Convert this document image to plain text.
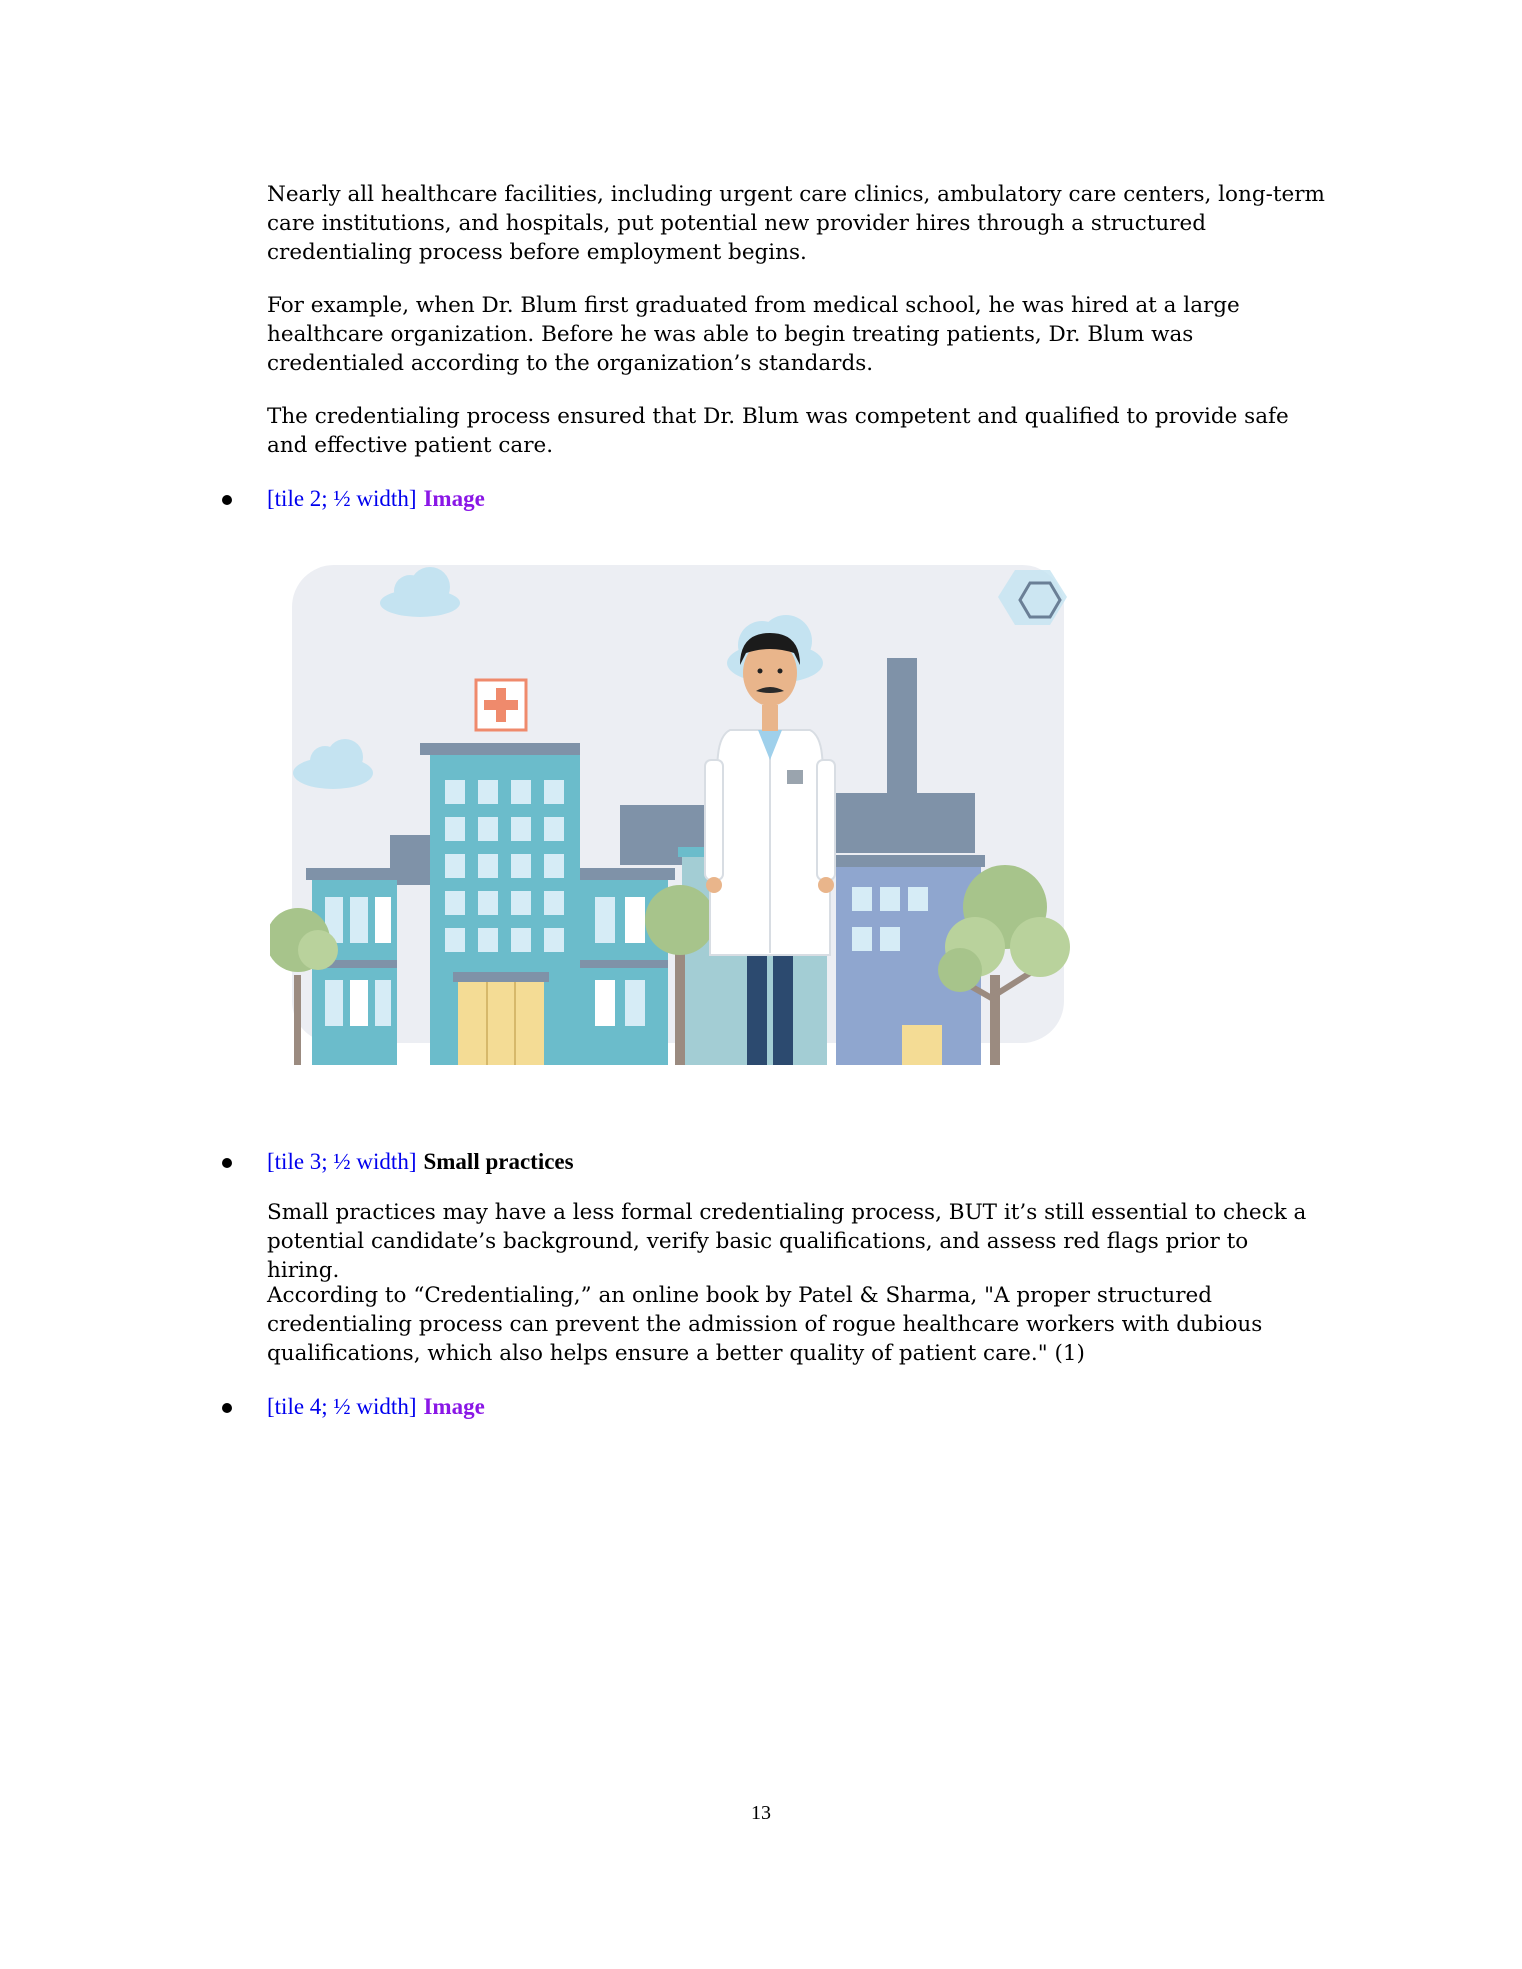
Nearly all healthcare facilities, including urgent care clinics, ambulatory care centers, long-term care institutions, and hospitals, put potential new provider hires through a structured credentialing process before employment begins.

For example, when Dr. Blum first graduated from medical school, he was hired at a large healthcare organization. Before he was able to begin treating patients, Dr. Blum was credentialed according to the organization’s standards.

The credentialing process ensured that Dr. Blum was competent and qualified to provide safe and effective patient care.

[tile 2; ½ width] Image
[tile 3; ½ width] Small practices

Small practices may have a less formal credentialing process, BUT it’s still essential to check a potential candidate’s background, verify basic qualifications, and assess red flags prior to hiring.

According to “Credentialing,” an online book by Patel & Sharma, "A proper structured credentialing process can prevent the admission of rogue healthcare workers with dubious qualifications, which also helps ensure a better quality of patient care." (1)

[tile 4; ½ width] Image
13
